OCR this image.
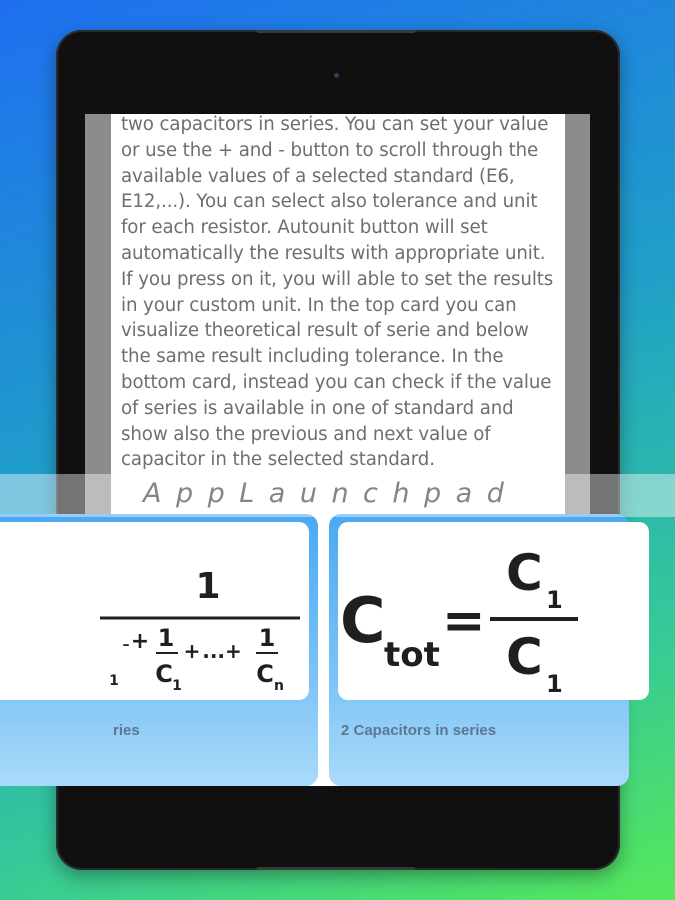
two capacitors in series. You can set your value or use the + and - button to scroll through the available values of a selected standard (E6, E12,...). You can select also tolerance and unit for each resistor. Autounit button will set automatically the results with appropriate unit. If you press on it, you will able to set the results in your custom unit. In the top card you can visualize theoretical result of serie and below the same result including tolerance. In the bottom card, instead you can check if the value of series is available in one of standard and show also the previous and next value of capacitor in the selected standard.

1
– + 1
C 1
...+
+ 1
C n
1
ries
C
tot
=
C 1
C 1
2 Capacitors in series
AppLaunchpad
